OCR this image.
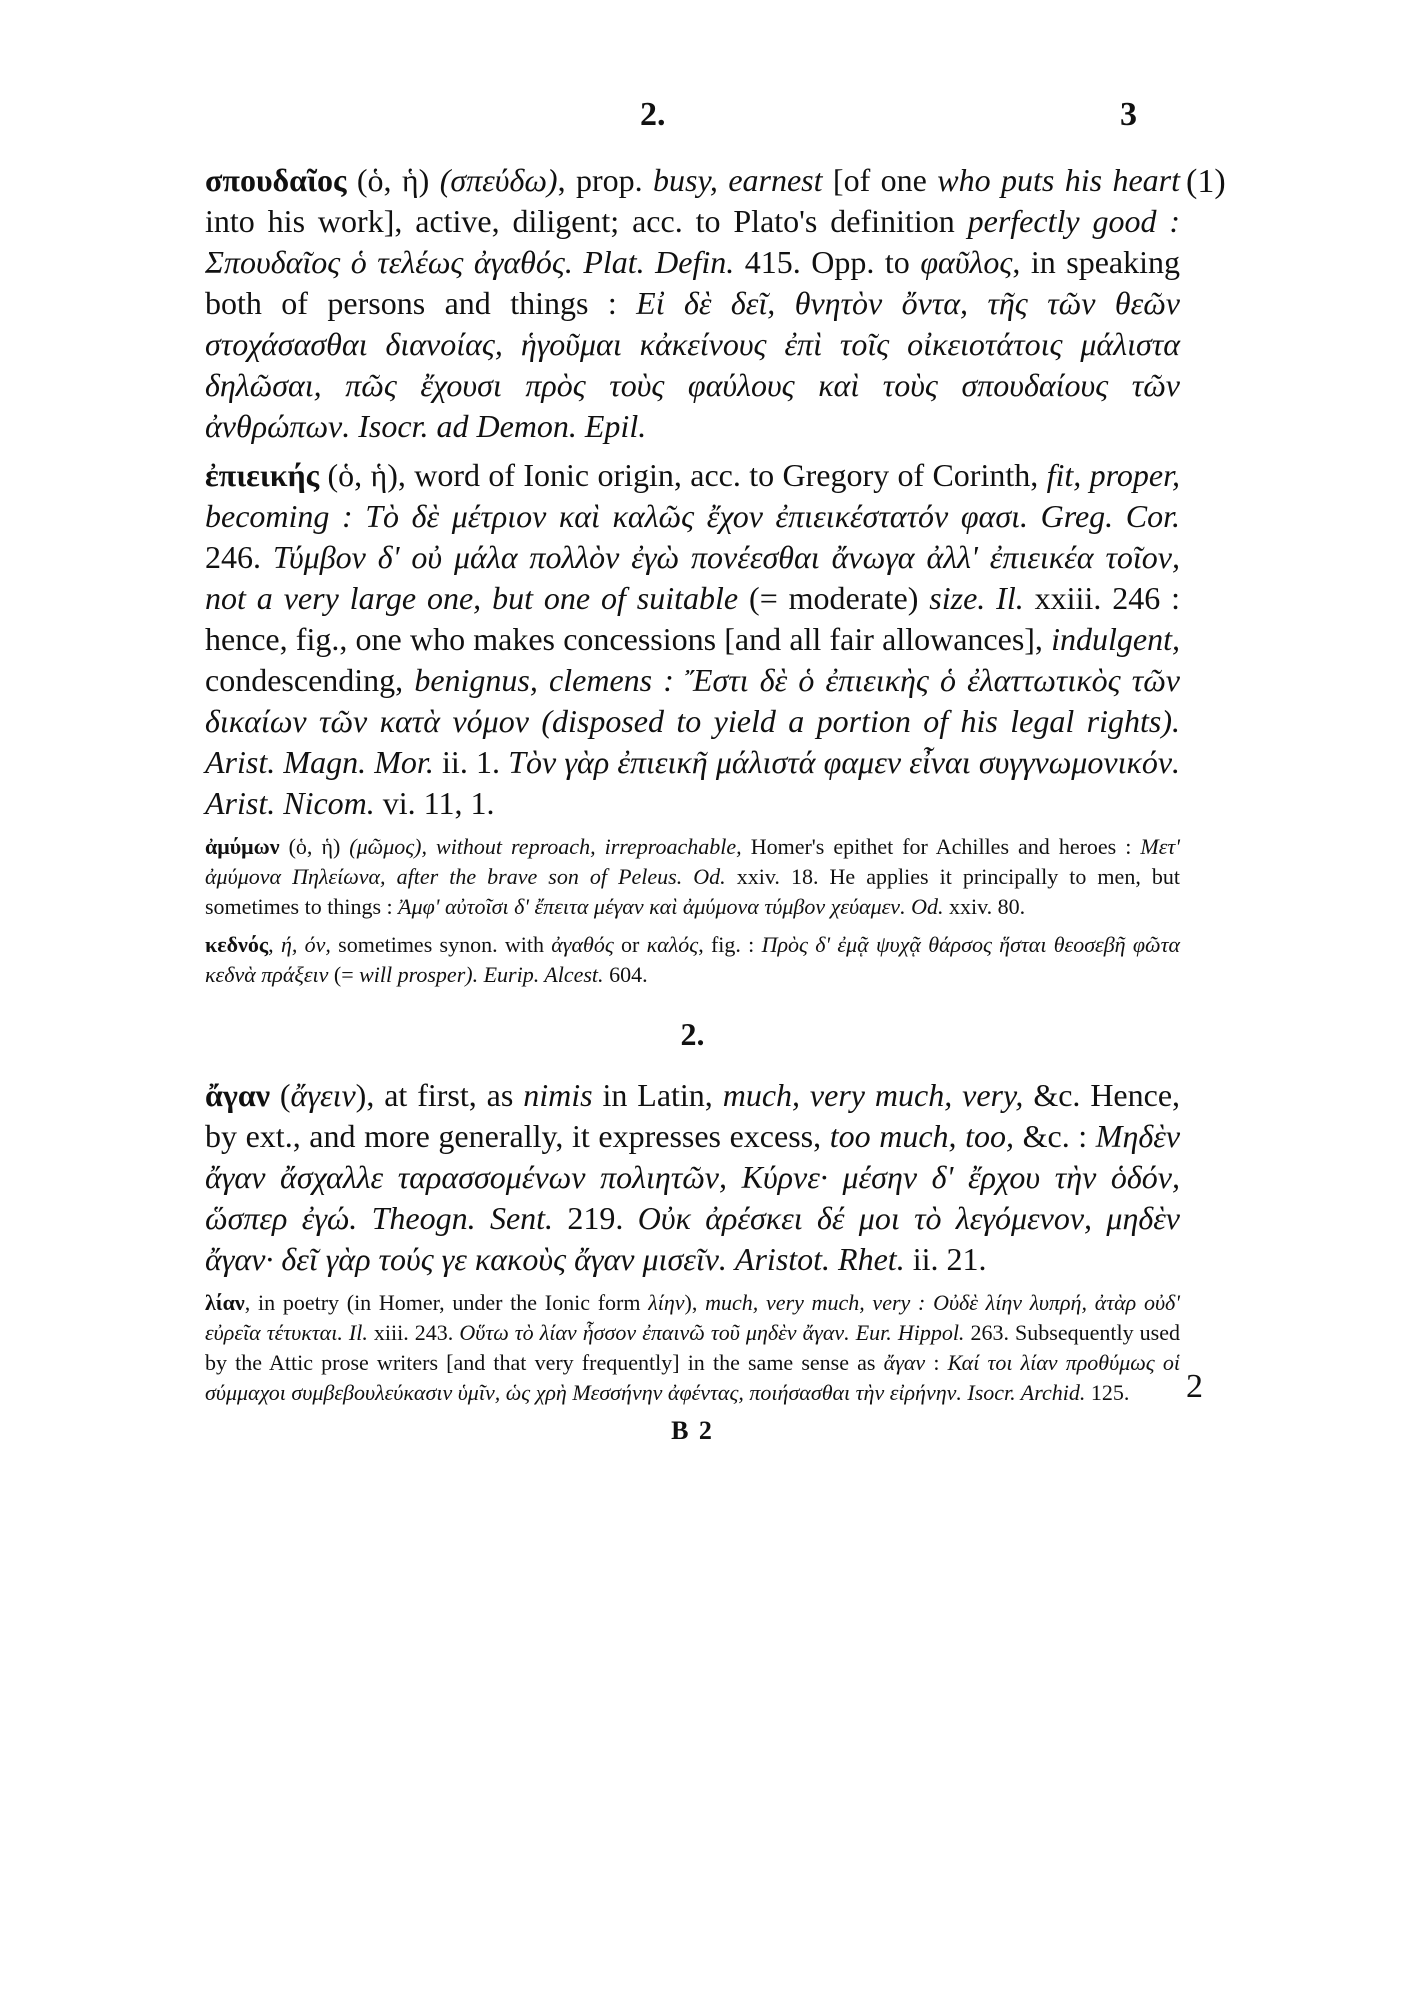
2.	3
(1)
2

σπουδαῖος (ὁ, ἡ) (σπεύδω), prop. busy, earnest [of one who puts his heart into his work], active, diligent; acc. to Plato's definition perfectly good : Σπουδαῖος ὁ τελέως ἀγαθός. Plat. Defin. 415. Opp. to φαῦλος, in speaking both of persons and things : Εἰ δὲ δεῖ, θνητὸν ὄντα, τῆς τῶν θεῶν στοχάσασθαι διανοίας, ἡγοῦμαι κἀκείνους ἐπὶ τοῖς οἰκειοτάτοις μάλιστα δηλῶσαι, πῶς ἔχουσι πρὸς τοὺς φαύλους καὶ τοὺς σπουδαίους τῶν ἀνθρώπων. Isocr. ad Demon. Epil.

ἐπιεικής (ὁ, ἡ), word of Ionic origin, acc. to Gregory of Corinth, fit, proper, becoming : Τὸ δὲ μέτριον καὶ καλῶς ἔχον ἐπιεικέστατόν φασι. Greg. Cor. 246. Τύμβον δ' οὐ μάλα πολλὸν ἐγὼ πονέεσθαι ἄνωγα ἀλλ' ἐπιεικέα τοῖον, not a very large one, but one of suitable (= moderate) size. Il. xxiii. 246 : hence, fig., one who makes concessions [and all fair allowances], indulgent, condescending, benignus, clemens : Ἔστι δὲ ὁ ἐπιεικὴς ὁ ἐλαττωτικὸς τῶν δικαίων τῶν κατὰ νόμον (disposed to yield a portion of his legal rights). Arist. Magn. Mor. ii. 1. Τὸν γὰρ ἐπιεικῆ μάλιστά φαμεν εἶναι συγγνωμονικόν. Arist. Nicom. vi. 11, 1.

ἀμύμων (ὁ, ἡ) (μῶμος), without reproach, irreproachable, Homer's epithet for Achilles and heroes : Μετ' ἀμύμονα Πηλείωνα, after the brave son of Peleus. Od. xxiv. 18. He applies it principally to men, but sometimes to things : Ἀμφ' αὐτοῖσι δ' ἔπειτα μέγαν καὶ ἀμύμονα τύμβον χεύαμεν. Od. xxiv. 80.

κεδνός, ή, όν, sometimes synon. with ἀγαθός or καλός, fig. : Πρὸς δ' ἐμᾷ ψυχᾷ θάρσος ἥσται θεοσεβῆ φῶτα κεδνὰ πράξειν (= will prosper). Eurip. Alcest. 604.

2.

ἄγαν (ἄγειν), at first, as nimis in Latin, much, very much, very, &c. Hence, by ext., and more generally, it expresses excess, too much, too, &c. : Μηδὲν ἄγαν ἄσχαλλε ταρασσομένων πολιητῶν, Κύρνε· μέσην δ' ἔρχου τὴν ὁδόν, ὥσπερ ἐγώ. Theogn. Sent. 219. Οὐκ ἀρέσκει δέ μοι τὸ λεγόμενον, μηδὲν ἄγαν· δεῖ γὰρ τούς γε κακοὺς ἄγαν μισεῖν. Aristot. Rhet. ii. 21.

λίαν, in poetry (in Homer, under the Ionic form λίην), much, very much, very : Οὐδὲ λίην λυπρή, ἀτὰρ οὐδ' εὐρεῖα τέτυκται. Il. xiii. 243. Οὕτω τὸ λίαν ἧσσον ἐπαινῶ τοῦ μηδὲν ἄγαν. Eur. Hippol. 263. Subsequently used by the Attic prose writers [and that very frequently] in the same sense as ἄγαν : Καί τοι λίαν προθύμως οἱ σύμμαχοι συμβεβουλεύκασιν ὑμῖν, ὡς χρὴ Μεσσήνην ἀφέντας, ποιήσασθαι τὴν εἰρήνην. Isocr. Archid. 125.

B 2
